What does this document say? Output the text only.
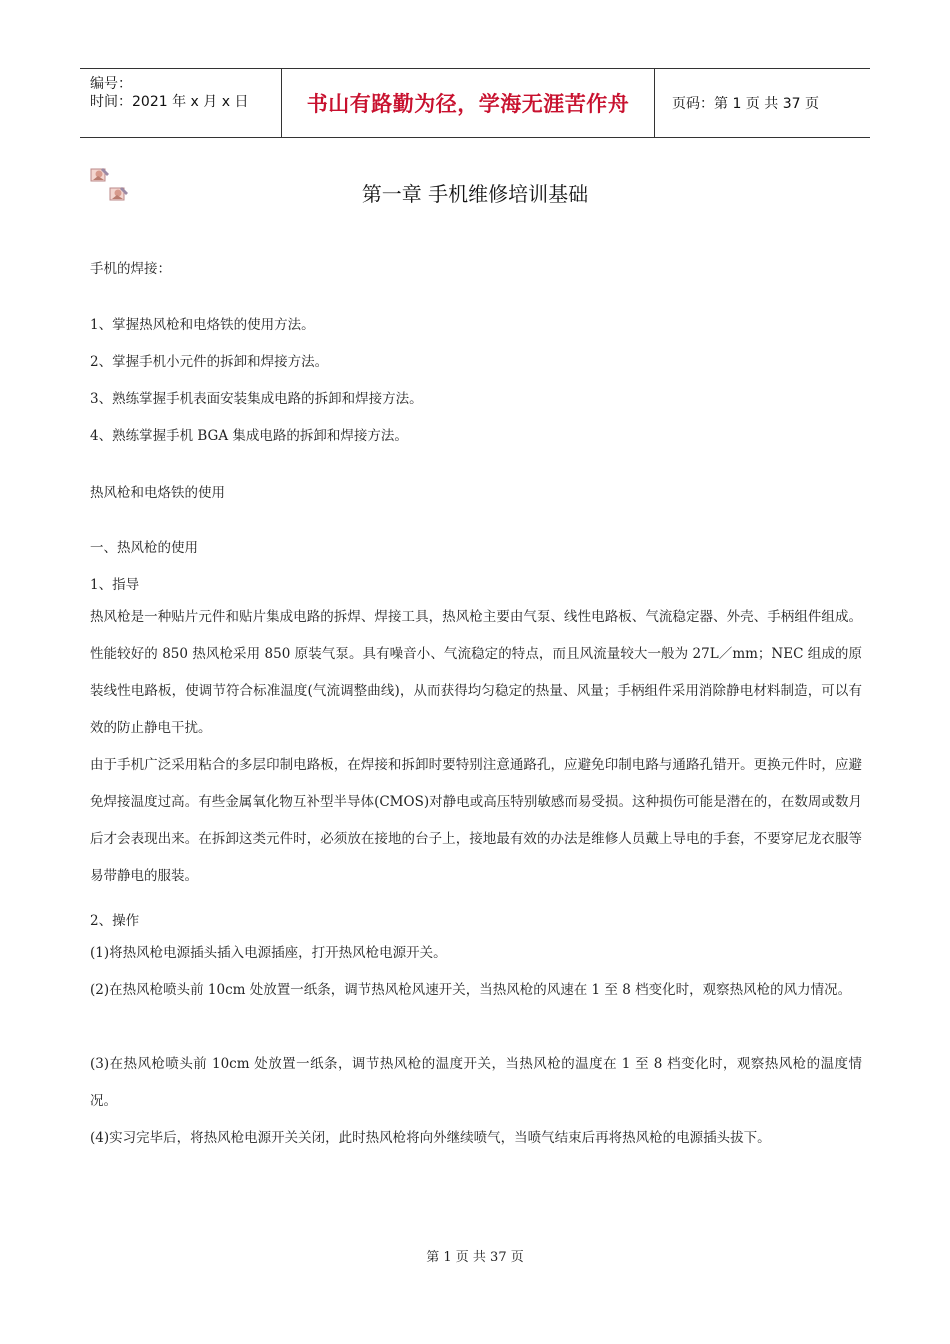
编号：
时间：2021 年 x 月 x 日	书山有路勤为径，学海无涯苦作舟	页码：第 1 页 共 37 页
第一章 手机维修培训基础

手机的焊接：

1、掌握热风枪和电烙铁的使用方法。

2、掌握手机小元件的拆卸和焊接方法。

3、熟练掌握手机表面安装集成电路的拆卸和焊接方法。

4、熟练掌握手机 BGA 集成电路的拆卸和焊接方法。

热风枪和电烙铁的使用

一、热风枪的使用

1、指导

热风枪是一种贴片元件和贴片集成电路的拆焊、焊接工具，热风枪主要由气泵、线性电路板、气流稳定器、外壳、手柄组件组成。性能较好的 850 热风枪采用 850 原装气泵。具有噪音小、气流稳定的特点，而且风流量较大一般为 27L／mm；NEC 组成的原装线性电路板，使调节符合标准温度(气流调整曲线)，从而获得均匀稳定的热量、风量；手柄组件采用消除静电材料制造，可以有效的防止静电干扰。

由于手机广泛采用粘合的多层印制电路板，在焊接和拆卸时要特别注意通路孔，应避免印制电路与通路孔错开。更换元件时，应避免焊接温度过高。有些金属氧化物互补型半导体(CMOS)对静电或高压特别敏感而易受损。这种损伤可能是潜在的，在数周或数月后才会表现出来。在拆卸这类元件时，必须放在接地的台子上，接地最有效的办法是维修人员戴上导电的手套，不要穿尼龙衣服等易带静电的服装。

2、操作

(1)将热风枪电源插头插入电源插座，打开热风枪电源开关。

(2)在热风枪喷头前 10cm 处放置一纸条，调节热风枪风速开关，当热风枪的风速在 1 至 8 档变化时，观察热风枪的风力情况。

(3)在热风枪喷头前 10cm 处放置一纸条，调节热风枪的温度开关，当热风枪的温度在 1 至 8 档变化时，观察热风枪的温度情况。

(4)实习完毕后，将热风枪电源开关关闭，此时热风枪将向外继续喷气，当喷气结束后再将热风枪的电源插头拔下。

第 1 页 共 37 页
